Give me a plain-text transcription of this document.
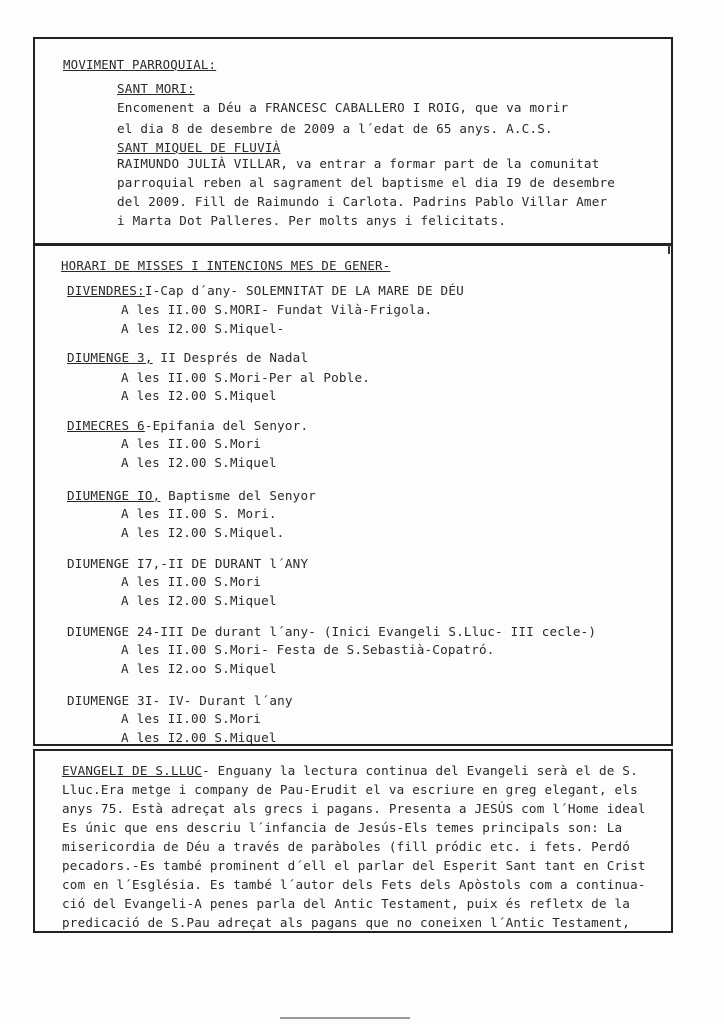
MOVIMENT PARROQUIAL:
SANT MORI:
Encomenent a Déu a FRANCESC CABALLERO I ROIG, que va morir
el dia 8 de desembre de 2009 a l´edat de 65 anys. A.C.S.
SANT MIQUEL DE FLUVIÀ
RAIMUNDO JULIÀ VILLAR, va entrar a formar part de la comunitat
parroquial reben al sagrament del baptisme el dia I9 de desembre
del 2009. Fill de Raimundo i Carlota. Padrins Pablo Villar Amer
i Marta Dot Palleres. Per molts anys i felicitats.
HORARI DE MISSES I INTENCIONS MES DE GENER-
DIVENDRES:I-Cap d´any- SOLEMNITAT DE LA MARE DE DÉU
A les II.00 S.MORI- Fundat Vilà-Frigola.
A les I2.00 S.Miquel-
DIUMENGE 3, II Després de Nadal
A les II.00 S.Mori-Per al Poble.
A les I2.00 S.Miquel
DIMECRES 6-Epifania del Senyor.
A les II.00 S.Mori
A les I2.00 S.Miquel
DIUMENGE IO, Baptisme del Senyor
A les II.00 S. Mori.
A les I2.00 S.Miquel.
DIUMENGE I7,-II DE DURANT l´ANY
A les II.00 S.Mori
A les I2.00 S.Miquel
DIUMENGE 24-III De durant l´any- (Inici Evangeli S.Lluc- III cecle-)
A les II.00 S.Mori- Festa de S.Sebastià-Copatró.
A les I2.oo S.Miquel
DIUMENGE 3I- IV- Durant l´any
A les II.00 S.Mori
A les I2.00 S.Miquel
EVANGELI DE S.LLUC- Enguany la lectura continua del Evangeli serà el de S.
Lluc.Era metge i company de Pau-Erudit el va escriure en greg elegant, els
anys 75. Està adreçat als grecs i pagans. Presenta a JESÚS com l´Home ideal
Es únic que ens descriu l´infancia de Jesús-Els temes principals son: La
misericordia de Déu a través de paràboles (fill pródic etc. i fets. Perdó
pecadors.-Es també prominent d´ell el parlar del Esperit Sant tant en Crist
com en l´Església. Es també l´autor dels Fets dels Apòstols com a continua-
ció del Evangeli-A penes parla del Antic Testament, puix és refletx de la
predicació de S.Pau adreçat als pagans que no coneixen l´Antic Testament,
